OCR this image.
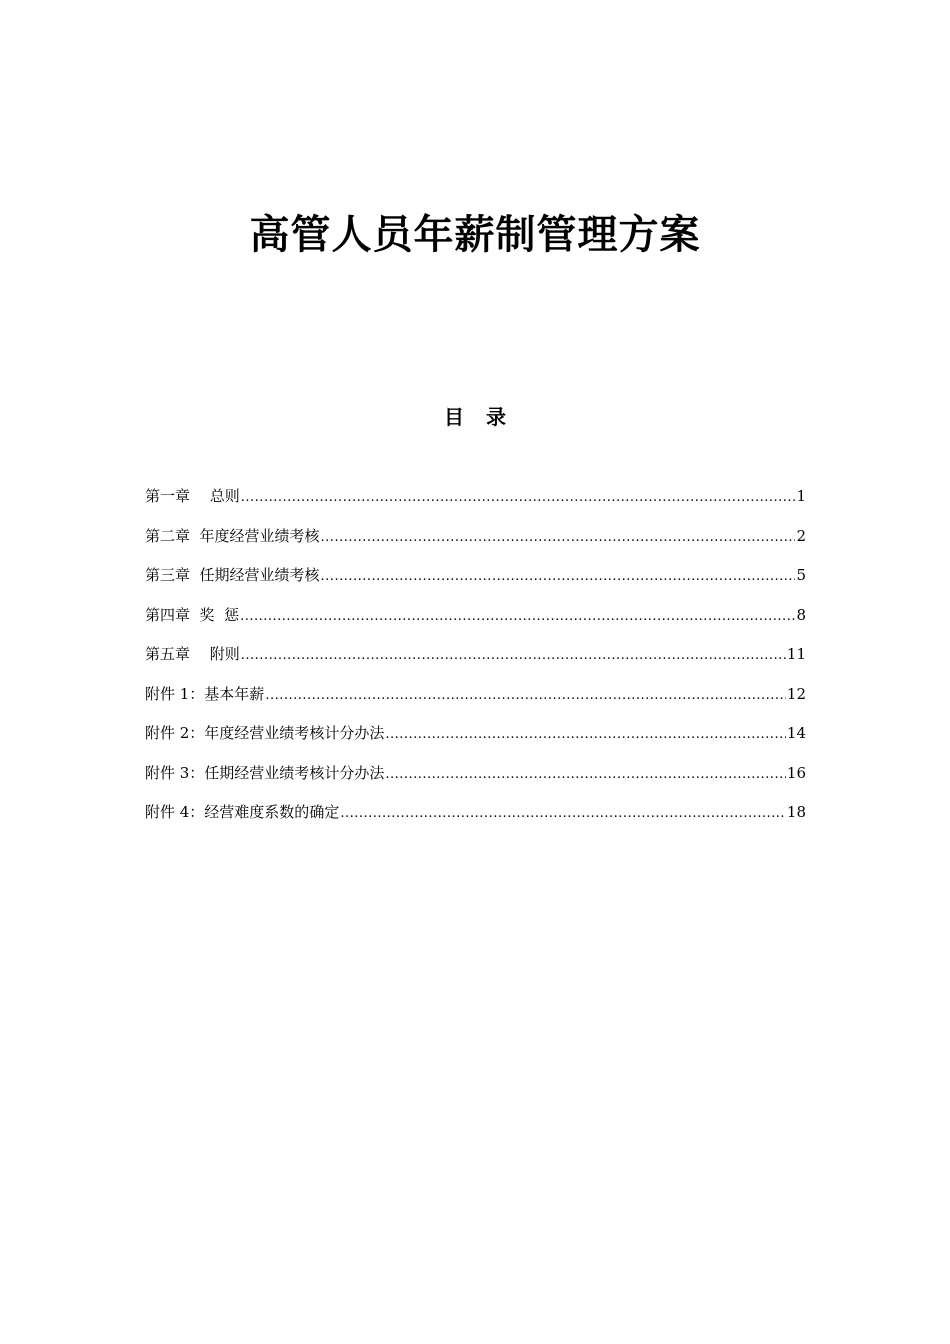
高管人员年薪制管理方案
目录
第一章　 总则 .....	1
第二章  年度经营业绩考核 .....	2
第三章  任期经营业绩考核 .....	5
第四章  奖  惩 .....	8
第五章　 附则 .....	11
附件 1：基本年薪 .....	12
附件 2：年度经营业绩考核计分办法 .....	14
附件 3：任期经营业绩考核计分办法 .....	16
附件 4：经营难度系数的确定 .....	18
